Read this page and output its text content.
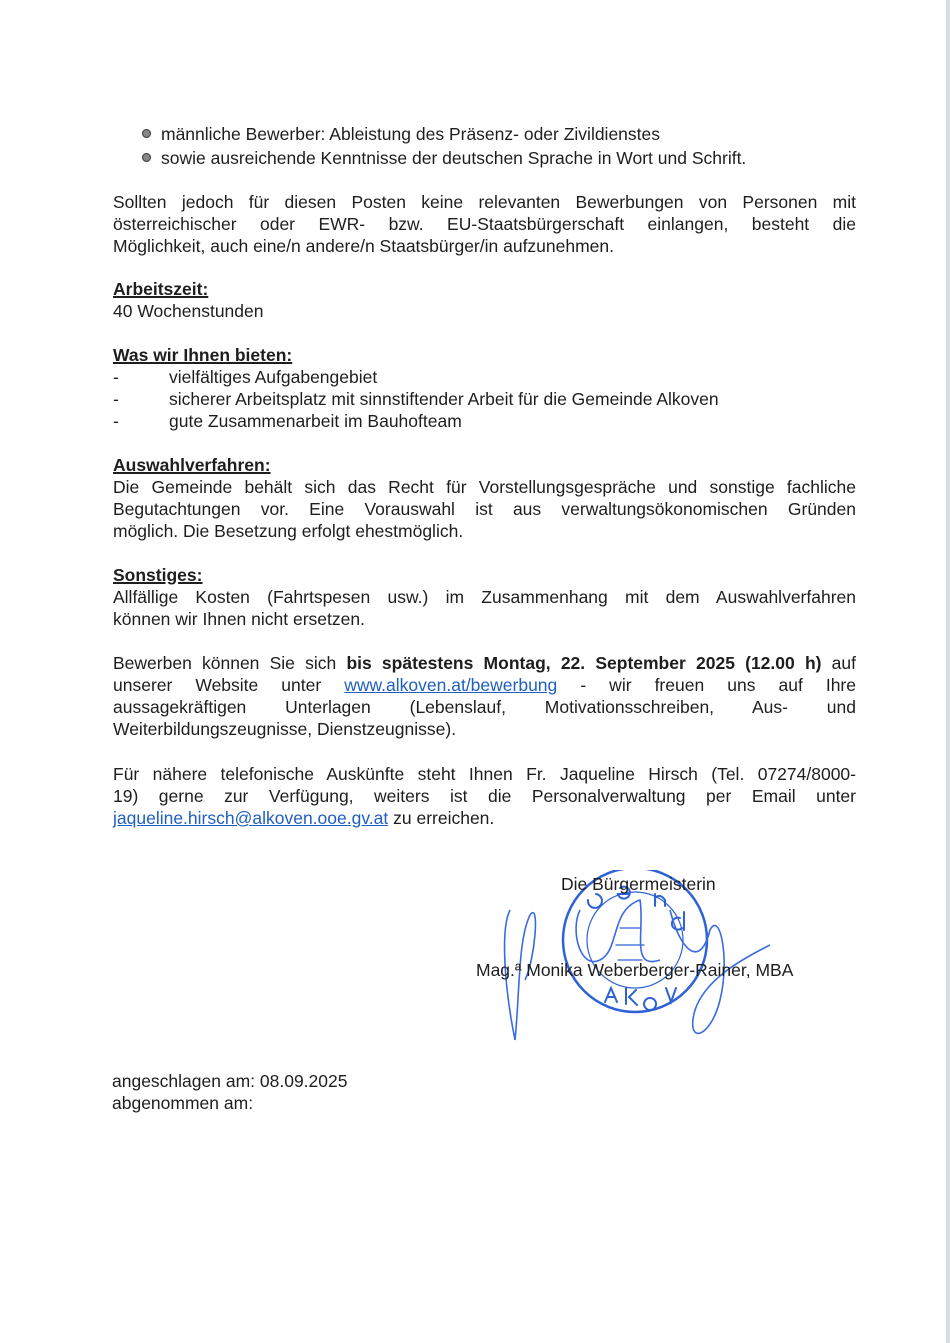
männliche Bewerber: Ableistung des Präsenz- oder Zivildienstes
sowie ausreichende Kenntnisse der deutschen Sprache in Wort und Schrift.
Sollten jedoch für diesen Posten keine relevanten Bewerbungen von Personen mit
österreichischer oder EWR- bzw. EU-Staatsbürgerschaft einlangen, besteht die
Möglichkeit, auch eine/n andere/n Staatsbürger/in aufzunehmen.
Arbeitszeit:
40 Wochenstunden
Was wir Ihnen bieten:
-	vielfältiges Aufgabengebiet
-	sicherer Arbeitsplatz mit sinnstiftender Arbeit für die Gemeinde Alkoven
-	gute Zusammenarbeit im Bauhofteam
Auswahlverfahren:
Die Gemeinde behält sich das Recht für Vorstellungsgespräche und sonstige fachliche
Begutachtungen vor. Eine Vorauswahl ist aus verwaltungsökonomischen Gründen
möglich. Die Besetzung erfolgt ehestmöglich.
Sonstiges:
Allfällige Kosten (Fahrtspesen usw.) im Zusammenhang mit dem Auswahlverfahren
können wir Ihnen nicht ersetzen.
Bewerben können Sie sich bis spätestens Montag, 22. September 2025 (12.00 h) auf
unserer Website unter www.alkoven.at/bewerbung - wir freuen uns auf Ihre
aussagekräftigen Unterlagen (Lebenslauf, Motivationsschreiben, Aus- und
Weiterbildungszeugnisse, Dienstzeugnisse).
Für nähere telefonische Auskünfte steht Ihnen Fr. Jaqueline Hirsch (Tel. 07274/8000-
19) gerne zur Verfügung, weiters ist die Personalverwaltung per Email unter
jaqueline.hirsch@alkoven.ooe.gv.at zu erreichen.
Die Bürgermeisterin
Mag.ª Monika Weberberger-Rainer, MBA
angeschlagen am: 08.09.2025
abgenommen am:
